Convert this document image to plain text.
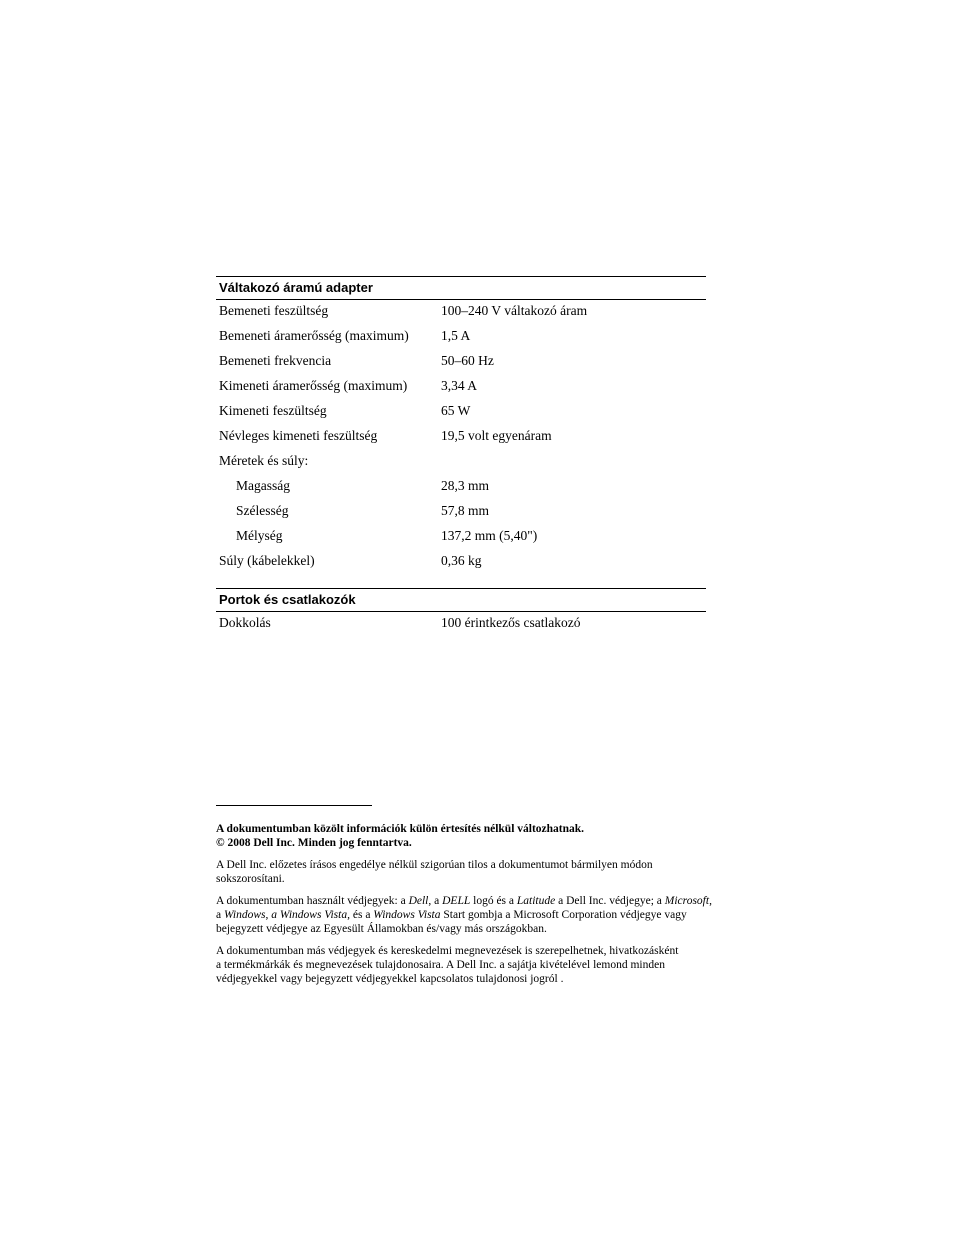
Váltakozó áramú adapter
Bemeneti feszültség	100–240 V váltakozó áram
Bemeneti áramerősség (maximum)	1,5 A
Bemeneti frekvencia	50–60 Hz
Kimeneti áramerősség (maximum)	3,34 A
Kimeneti feszültség	65 W
Névleges kimeneti feszültség	19,5 volt egyenáram
Méretek és súly:
Magasság	28,3 mm
Szélesség	57,8 mm
Mélység	137,2 mm (5,40")
Súly (kábelekkel)	0,36 kg
Portok és csatlakozók
Dokkolás	100 érintkezős csatlakozó

A dokumentumban közölt információk külön értesítés nélkül változhatnak.
© 2008 Dell Inc. Minden jog fenntartva.

A Dell Inc. előzetes írásos engedélye nélkül szigorúan tilos a dokumentumot bármilyen módon
sokszorosítani.

A dokumentumban használt védjegyek: a Dell, a DELL logó és a Latitude a Dell Inc. védjegye; a Microsoft,
a Windows, a Windows Vista, és a Windows Vista Start gombja a Microsoft Corporation védjegye vagy
bejegyzett védjegye az Egyesült Államokban és/vagy más országokban.

A dokumentumban más védjegyek és kereskedelmi megnevezések is szerepelhetnek, hivatkozásként
a termékmárkák és megnevezések tulajdonosaira. A Dell Inc. a sajátja kivételével lemond minden
védjegyekkel vagy bejegyzett védjegyekkel kapcsolatos tulajdonosi jogról .
